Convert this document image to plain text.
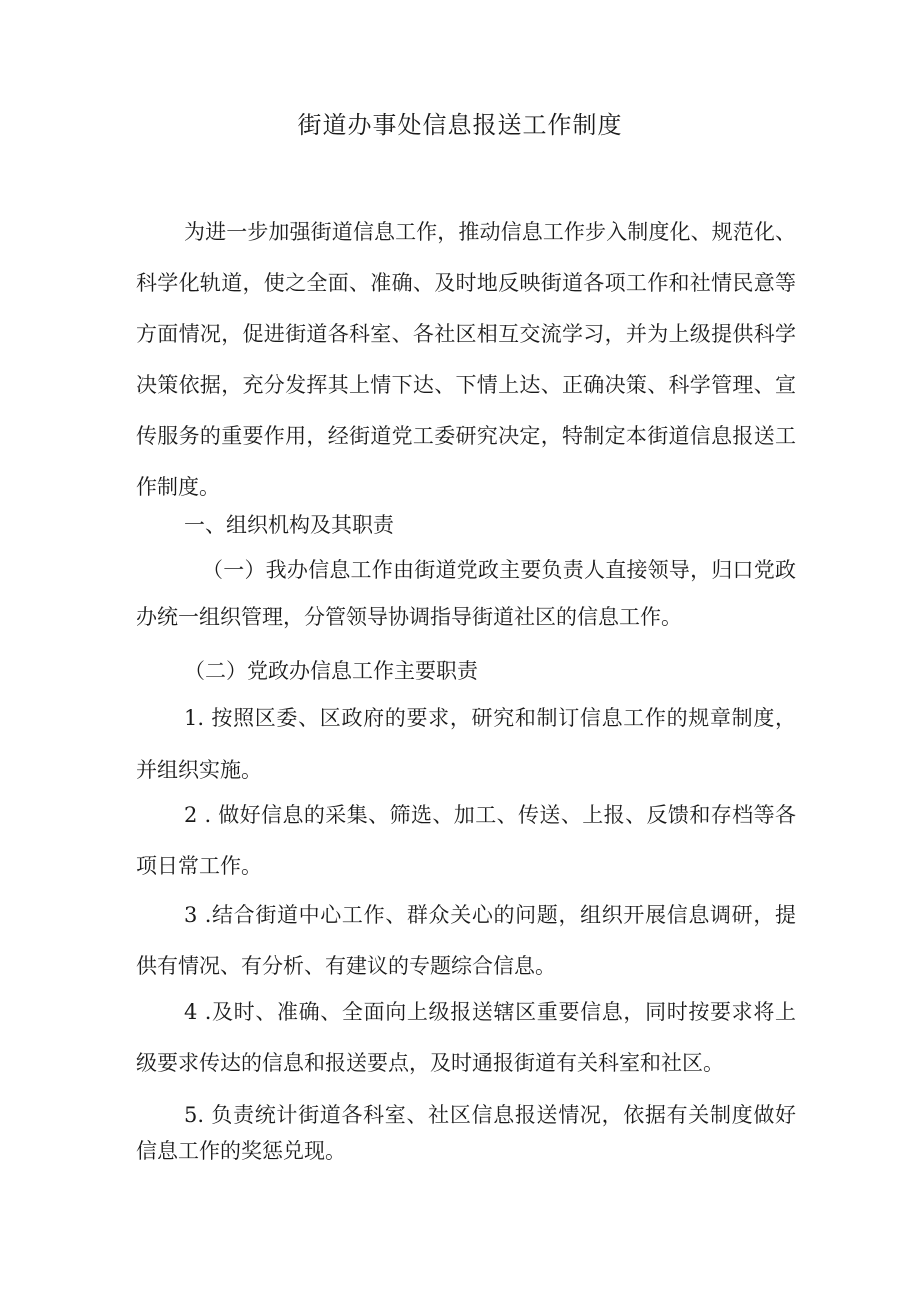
街道办事处信息报送工作制度
为进一步加强街道信息工作，推动信息工作步入制度化、规范化、科学化轨道，使之全面、准确、及时地反映街道各项工作和社情民意等方面情况，促进街道各科室、各社区相互交流学习，并为上级提供科学决策依据，充分发挥其上情下达、下情上达、正确决策、科学管理、宣传服务的重要作用，经街道党工委研究决定，特制定本街道信息报送工作制度。
一、组织机构及其职责
（一）我办信息工作由街道党政主要负责人直接领导，归口党政办统一组织管理，分管领导协调指导街道社区的信息工作。
（二）党政办信息工作主要职责
1. 按照区委、区政府的要求，研究和制订信息工作的规章制度，并组织实施。
2 . 做好信息的采集、筛选、加工、传送、上报、反馈和存档等各项日常工作。
3 .结合街道中心工作、群众关心的问题，组织开展信息调研，提供有情况、有分析、有建议的专题综合信息。
4 .及时、准确、全面向上级报送辖区重要信息，同时按要求将上级要求传达的信息和报送要点，及时通报街道有关科室和社区。
5. 负责统计街道各科室、社区信息报送情况，依据有关制度做好信息工作的奖惩兑现。
